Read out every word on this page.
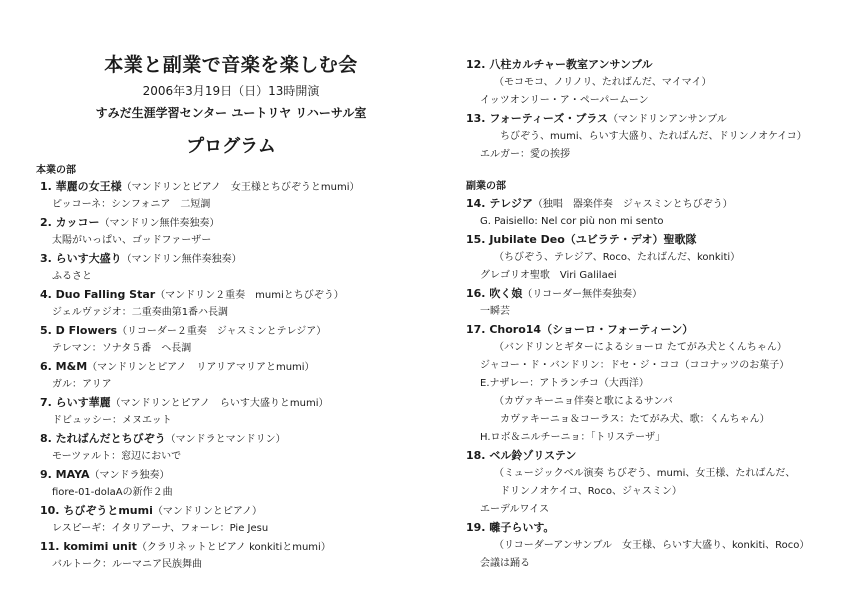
本業と副業で音楽を楽しむ会
2006年3月19日（日）13時開演
すみだ生涯学習センター ユートリヤ リハーサル室
プログラム
本業の部
1. 華麗の女王様（マンドリンとピアノ　女王様とちびぞうとmumi）
ピッコーネ：シンフォニア　二短調
2. カッコー（マンドリン無伴奏独奏）
太陽がいっぱい、ゴッドファーザー
3. らいす大盛り（マンドリン無伴奏独奏）
ふるさと
4. Duo Falling Star（マンドリン２重奏　mumiとちびぞう）
ジェルヴァジオ：二重奏曲第1番ハ長調
5. D Flowers（リコーダー２重奏　ジャスミンとテレジア）
テレマン：ソナタ５番　ヘ長調
6. M&M（マンドリンとピアノ　リアリアマリアとmumi）
ガル：アリア
7. らいす華麗（マンドリンとピアノ　らいす大盛りとmumi）
ドビュッシー：メヌエット
8. たればんだとちびぞう（マンドラとマンドリン）
モーツァルト：窓辺においで
9. MAYA（マンドラ独奏）
fiore-01-dolaAの新作２曲
10. ちびぞうとmumi（マンドリンとピアノ）
レスピーギ：イタリアーナ、フォーレ：Pie Jesu
11. komimi unit（クラリネットとピアノ konkitiとmumi）
バルトーク：ルーマニア民族舞曲
12. 八柱カルチャー教室アンサンブル
（モコモコ、ノリノリ、たればんだ、マイマイ）
イッツオンリー・ア・ペーパームーン
13. フォーティーズ・ブラス（マンドリンアンサンブル
ちびぞう、mumi、らいす大盛り、たればんだ、ドリンノオケイコ）
エルガー：愛の挨拶
副業の部
14. テレジア（独唱　器楽伴奏　ジャスミンとちびぞう）
G. Paisiello: Nel cor più non mi sento
15. Jubilate Deo（ユビラテ・デオ）聖歌隊
（ちびぞう、テレジア、Roco、たればんだ、konkiti）
グレゴリオ聖歌　Viri Galilaei
16. 吹く娘（リコーダー無伴奏独奏）
一瞬芸
17. Choro14（ショーロ・フォーティーン）
（バンドリンとギターによるショーロ たてがみ犬とくんちゃん）
ジャコー・ド・バンドリン：ドセ・ジ・ココ（ココナッツのお菓子）
E.ナザレー：アトランチコ（大西洋）
（カヴァキーニョ伴奏と歌によるサンバ
カヴァキーニョ＆コーラス：たてがみ犬、歌：くんちゃん）
H.ロボ＆ニルチーニョ：「トリステーザ」
18. ベル鈴ゾリステン
（ミュージックベル演奏 ちびぞう、mumi、女王様、たればんだ、
ドリンノオケイコ、Roco、ジャスミン）
エーデルワイス
19. 囃子らいす。
（リコーダーアンサンブル　女王様、らいす大盛り、konkiti、Roco）
会議は踊る
